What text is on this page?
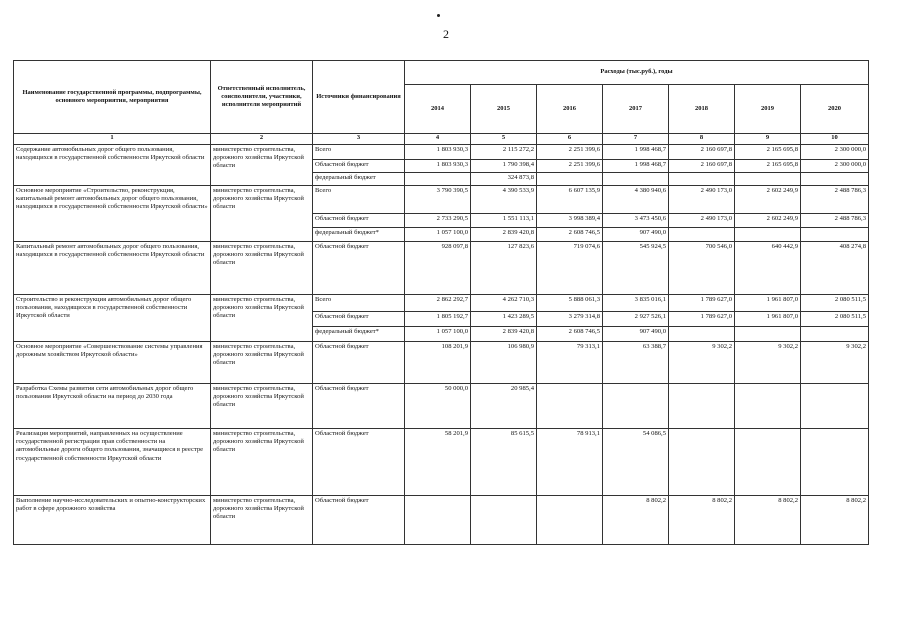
2
Наименование государственной программы, подпрограммы, основного мероприятия, мероприятия	Ответственный исполнитель, соисполнители, участники, исполнители мероприятий	Источники финансирования	Расходы (тыс.руб.), годы						
			2014	2015	2016	2017	2018	2019	2020
1	2	3	4	5	6	7	8	9	10
Содержание автомобильных дорог общего пользования, находящихся в государственной собственности Иркутской области	министерство строительства, дорожного хозяйства Иркутской области	Всего	1 803 930,3	2 115 272,2	2 251 399,6	1 998 468,7	2 160 697,8	2 165 695,8	2 300 000,0
		Областной бюджет	1 803 930,3	1 790 398,4	2 251 399,6	1 998 468,7	2 160 697,8	2 165 695,8	2 300 000,0
		федеральный бюджет		324 873,8					
Основное мероприятие «Строительство, реконструкция, капитальный ремонт автомобильных дорог общего пользования, находящихся в государственной собственности Иркутской области»	министерство строительства, дорожного хозяйства Иркутской области	Всего	3 790 390,5	4 390 533,9	6 607 135,9	4 380 940,6	2 490 173,0	2 602 249,9	2 488 786,3
		Областной бюджет	2 733 290,5	1 551 113,1	3 998 389,4	3 473 450,6	2 490 173,0	2 602 249,9	2 488 786,3
		федеральный бюджет*	1 057 100,0	2 839 420,8	2 608 746,5	907 490,0			
Капитальный ремонт автомобильных дорог общего пользования, находящихся в государственной собственности Иркутской области	министерство строительства, дорожного хозяйства Иркутской области	Областной бюджет	928 097,8	127 823,6	719 074,6	545 924,5	700 546,0	640 442,9	408 274,8
Строительство и реконструкция автомобильных дорог общего пользования, находящихся в государственной собственности Иркутской области	министерство строительства, дорожного хозяйства Иркутской области	Всего	2 862 292,7	4 262 710,3	5 888 061,3	3 835 016,1	1 789 627,0	1 961 807,0	2 080 511,5
		Областной бюджет	1 805 192,7	1 423 289,5	3 279 314,8	2 927 526,1	1 789 627,0	1 961 807,0	2 080 511,5
		федеральный бюджет*	1 057 100,0	2 839 420,8	2 608 746,5	907 490,0			
Основное мероприятие «Совершенствование системы управления дорожным хозяйством Иркутской области»	министерство строительства, дорожного хозяйства Иркутской области	Областной бюджет	108 201,9	106 980,9	79 313,1	63 388,7	9 302,2	9 302,2	9 302,2
Разработка Схемы развития сети автомобильных дорог общего пользования Иркутской области на период до 2030 года	министерство строительства, дорожного хозяйства Иркутской области	Областной бюджет	50 000,0	20 985,4					
Реализация мероприятий, направленных на осуществление государственной регистрации прав собственности на автомобильные дороги общего пользования, значащиеся в реестре государственной собственности Иркутской области	министерство строительства, дорожного хозяйства Иркутской области	Областной бюджет	58 201,9	85 615,5	78 913,1	54 086,5			
Выполнение научно-исследовательских и опытно-конструкторских работ в сфере дорожного хозяйства	министерство строительства, дорожного хозяйства Иркутской области	Областной бюджет				8 802,2	8 802,2	8 802,2	8 802,2
